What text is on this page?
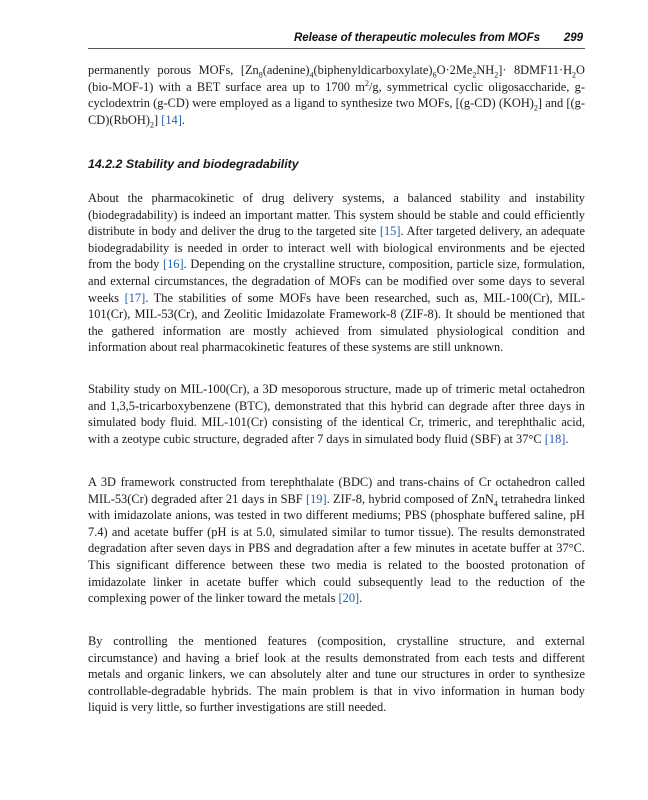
Release of therapeutic molecules from MOFs 299

permanently porous MOFs, $[Zn_8(adenine)_4(biphenyldicarboxylate)_6O\cdot 2Me_2NH_2]\cdot 8DMF11\cdot H_2O$ (bio-MOF-1) with a BET surface area up to 1700 $m^2/g$, symmetrical cyclic oligosaccharide, g-cyclodextrin (g-CD) were employed as a ligand to synthesize two MOFs, [(g-CD) $(KOH)_2$] and $[(g-CD)(RbOH)_2]$ [14].

14.2.2 Stability and biodegradability

About the pharmacokinetic of drug delivery systems, a balanced stability and instability (biodegradability) is indeed an important matter. This system should be stable and could efficiently distribute in body and deliver the drug to the targeted site [15]. After targeted delivery, an adequate biodegradability is needed in order to interact well with biological environments and be ejected from the body [16]. Depending on the crystalline structure, composition, particle size, formulation, and external circumstances, the degradation of MOFs can be modified over some days to several weeks [17]. The stabilities of some MOFs have been researched, such as, MIL-100(Cr), MIL-101(Cr), MIL-53(Cr), and Zeolitic Imidazolate Framework-8 (ZIF-8). It should be mentioned that the gathered information are mostly achieved from simulated physiological condition and information about real pharmacokinetic features of these systems are still unknown.

Stability study on MIL-100(Cr), a 3D mesoporous structure, made up of trimeric metal octahedron and 1,3,5-tricarboxybenzene (BTC), demonstrated that this hybrid can degrade after three days in simulated body fluid. MIL-101(Cr) consisting of the identical Cr, trimeric, and terephthalic acid, with a zeotype cubic structure, degraded after 7 days in simulated body fluid (SBF) at 37°C [18].

A 3D framework constructed from terephthalate (BDC) and trans-chains of Cr octahedron called MIL-53(Cr) degraded after 21 days in SBF [19]. ZIF-8, hybrid composed of ZnN$_4$ tetrahedra linked with imidazolate anions, was tested in two different mediums; PBS (phosphate buffered saline, pH 7.4) and acetate buffer (pH is at 5.0, simulated similar to tumor tissue). The results demonstrated degradation after seven days in PBS and degradation after a few minutes in acetate buffer at 37°C. This significant difference between these two media is related to the boosted protonation of imidazolate linker in acetate buffer which could subsequently lead to the reduction of the complexing power of the linker toward the metals [20].

By controlling the mentioned features (composition, crystalline structure, and external circumstance) and having a brief look at the results demonstrated from each tests and different metals and organic linkers, we can absolutely alter and tune our structures in order to synthesize controllable-degradable hybrids. The main problem is that in vivo information in human body liquid is very little, so further investigations are still needed.
